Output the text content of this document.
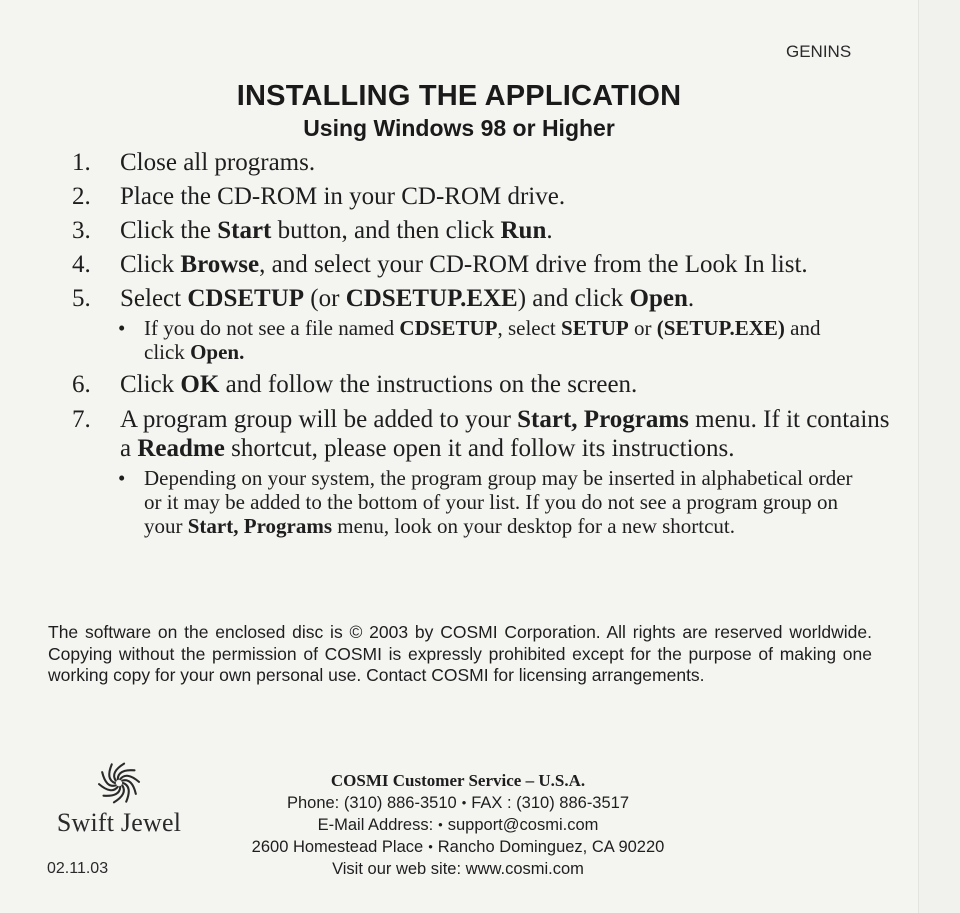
GENINS
INSTALLING THE APPLICATION
Using Windows 98 or Higher
1. Close all programs.
2. Place the CD-ROM in your CD-ROM drive.
3. Click the Start button, and then click Run.
4. Click Browse, and select your CD-ROM drive from the Look In list.
5. Select CDSETUP (or CDSETUP.EXE) and click Open.
• If you do not see a file named CDSETUP, select SETUP or (SETUP.EXE) and click Open.
6. Click OK and follow the instructions on the screen.
7. A program group will be added to your Start, Programs menu. If it contains a Readme shortcut, please open it and follow its instructions.
• Depending on your system, the program group may be inserted in alphabetical order or it may be added to the bottom of your list. If you do not see a program group on your Start, Programs menu, look on your desktop for a new shortcut.
The software on the enclosed disc is © 2003 by COSMI Corporation. All rights are reserved worldwide. Copying without the permission of COSMI is expressly prohibited except for the purpose of making one working copy for your own personal use. Contact COSMI for licensing arrangements.
Swift Jewel
02.11.03
COSMI Customer Service – U.S.A.
Phone: (310) 886-3510 • FAX : (310) 886-3517
E-Mail Address: • support@cosmi.com
2600 Homestead Place • Rancho Dominguez, CA 90220
Visit our web site: www.cosmi.com
